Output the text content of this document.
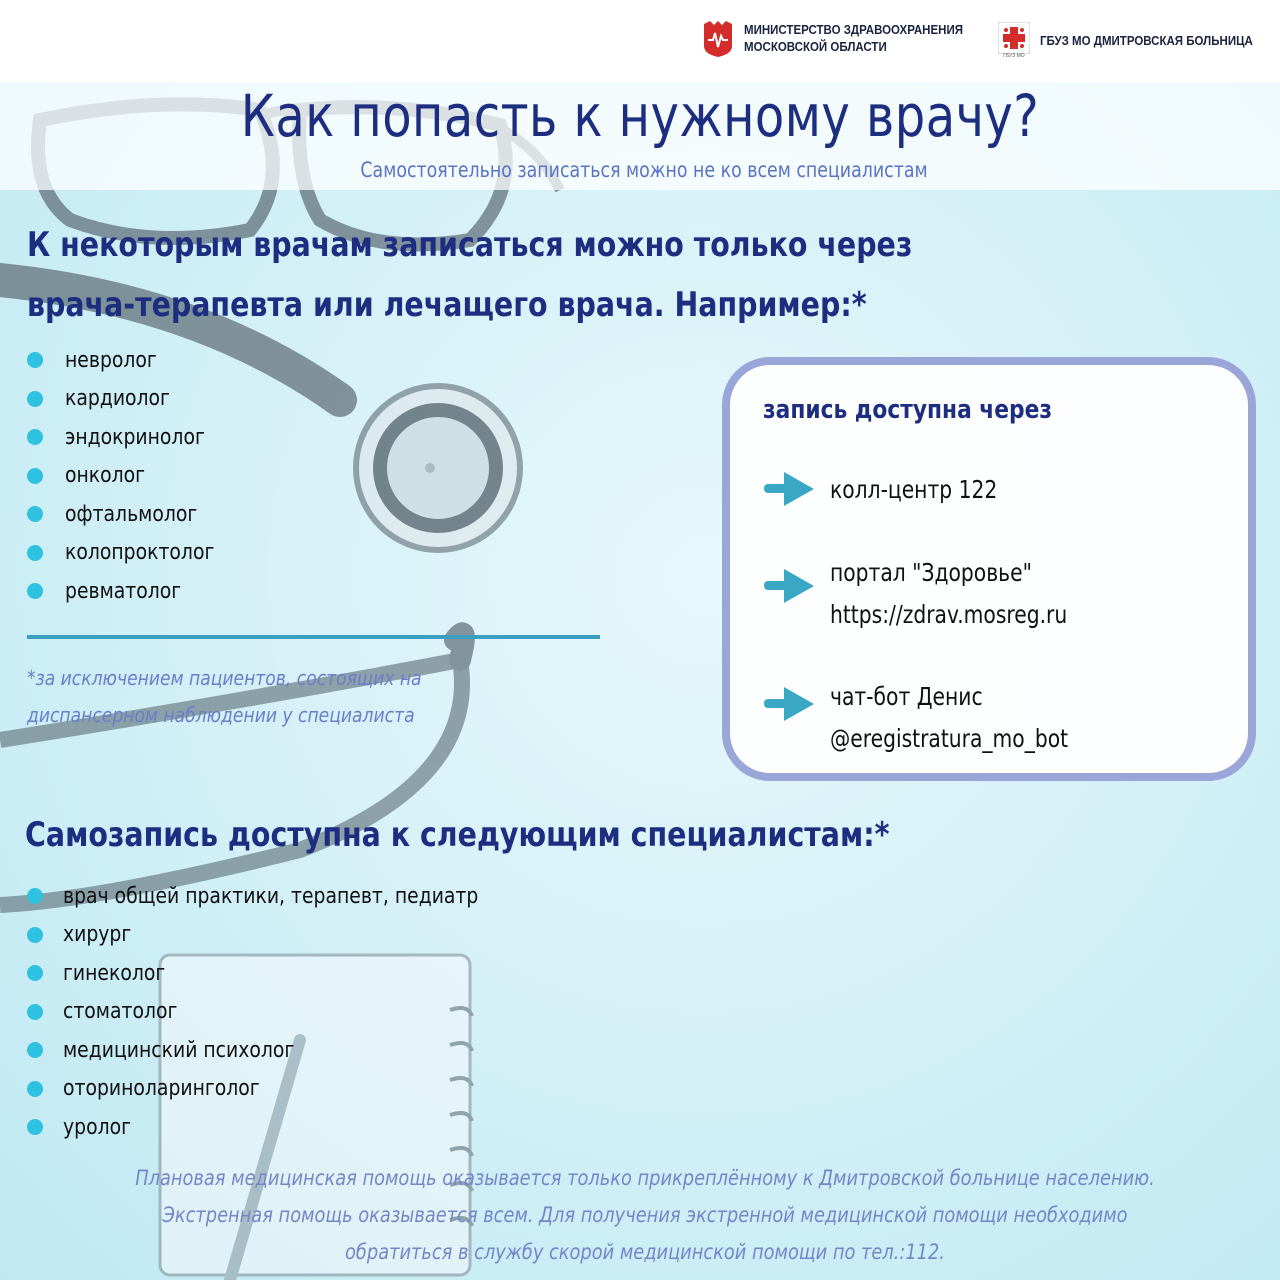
МИНИСТЕРСТВО ЗДРАВООХРАНЕНИЯ
МОСКОВСКОЙ ОБЛАСТИ
ГБУЗ МО
ГБУЗ МО ДМИТРОВСКАЯ БОЛЬНИЦА
Как попасть к нужному врачу?
Самостоятельно записаться можно не ко всем специалистам
К некоторым врачам записаться можно только через
врача-терапевта или лечащего врача. Например:*
невролог
кардиолог
эндокринолог
онколог
офтальмолог
колопроктолог
ревматолог
*за исключением пациентов, состоящих на
диспансерном наблюдении у специалиста
запись доступна через
колл-центр 122
портал "Здоровье"
https://zdrav.mosreg.ru
чат-бот Денис
@eregistratura_mo_bot
Самозапись доступна к следующим специалистам:*
врач общей практики, терапевт, педиатр
хирург
гинеколог
стоматолог
медицинский психолог
оториноларинголог
уролог
Плановая медицинская помощь оказывается только прикреплённому к Дмитровской больнице населению.
Экстренная помощь оказывается всем. Для получения экстренной медицинской помощи необходимо
обратиться в службу скорой медицинской помощи по тел.:112.
